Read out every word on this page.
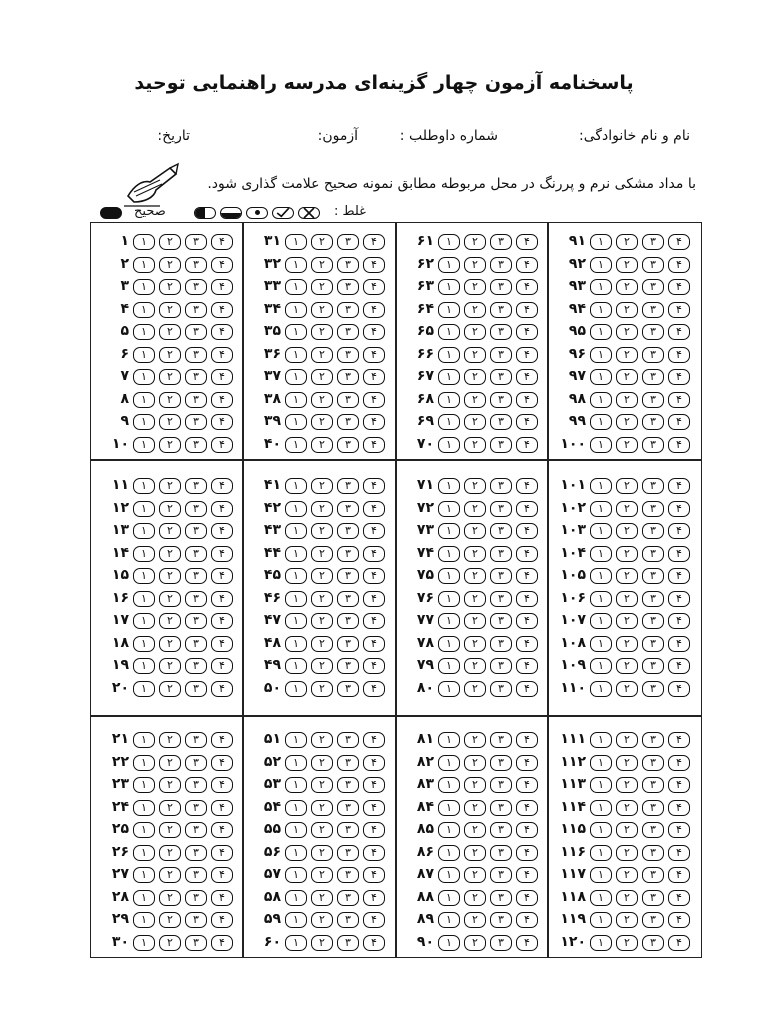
پاسخنامه آزمون چهار گزینه‌ای مدرسه راهنمایی توحید
نام و نام خانوادگی:
شماره داوطلب :
آزمون:
تاریخ:
با مداد مشکی نرم و پررنگ در محل مربوطه مطابق نمونه صحیح علامت گذاری شود.
صحیح	غلط :
۱	۱	۲	۳	۴
۲	۱	۲	۳	۴
۳	۱	۲	۳	۴
۴	۱	۲	۳	۴
۵	۱	۲	۳	۴
۶	۱	۲	۳	۴
۷	۱	۲	۳	۴
۸	۱	۲	۳	۴
۹	۱	۲	۳	۴
۱۰	۱	۲	۳	۴
۱۱	۱	۲	۳	۴
۱۲	۱	۲	۳	۴
۱۳	۱	۲	۳	۴
۱۴	۱	۲	۳	۴
۱۵	۱	۲	۳	۴
۱۶	۱	۲	۳	۴
۱۷	۱	۲	۳	۴
۱۸	۱	۲	۳	۴
۱۹	۱	۲	۳	۴
۲۰	۱	۲	۳	۴
۲۱	۱	۲	۳	۴
۲۲	۱	۲	۳	۴
۲۳	۱	۲	۳	۴
۲۴	۱	۲	۳	۴
۲۵	۱	۲	۳	۴
۲۶	۱	۲	۳	۴
۲۷	۱	۲	۳	۴
۲۸	۱	۲	۳	۴
۲۹	۱	۲	۳	۴
۳۰	۱	۲	۳	۴
۳۱	۱	۲	۳	۴
۳۲	۱	۲	۳	۴
۳۳	۱	۲	۳	۴
۳۴	۱	۲	۳	۴
۳۵	۱	۲	۳	۴
۳۶	۱	۲	۳	۴
۳۷	۱	۲	۳	۴
۳۸	۱	۲	۳	۴
۳۹	۱	۲	۳	۴
۴۰	۱	۲	۳	۴
۴۱	۱	۲	۳	۴
۴۲	۱	۲	۳	۴
۴۳	۱	۲	۳	۴
۴۴	۱	۲	۳	۴
۴۵	۱	۲	۳	۴
۴۶	۱	۲	۳	۴
۴۷	۱	۲	۳	۴
۴۸	۱	۲	۳	۴
۴۹	۱	۲	۳	۴
۵۰	۱	۲	۳	۴
۵۱	۱	۲	۳	۴
۵۲	۱	۲	۳	۴
۵۳	۱	۲	۳	۴
۵۴	۱	۲	۳	۴
۵۵	۱	۲	۳	۴
۵۶	۱	۲	۳	۴
۵۷	۱	۲	۳	۴
۵۸	۱	۲	۳	۴
۵۹	۱	۲	۳	۴
۶۰	۱	۲	۳	۴
۶۱	۱	۲	۳	۴
۶۲	۱	۲	۳	۴
۶۳	۱	۲	۳	۴
۶۴	۱	۲	۳	۴
۶۵	۱	۲	۳	۴
۶۶	۱	۲	۳	۴
۶۷	۱	۲	۳	۴
۶۸	۱	۲	۳	۴
۶۹	۱	۲	۳	۴
۷۰	۱	۲	۳	۴
۷۱	۱	۲	۳	۴
۷۲	۱	۲	۳	۴
۷۳	۱	۲	۳	۴
۷۴	۱	۲	۳	۴
۷۵	۱	۲	۳	۴
۷۶	۱	۲	۳	۴
۷۷	۱	۲	۳	۴
۷۸	۱	۲	۳	۴
۷۹	۱	۲	۳	۴
۸۰	۱	۲	۳	۴
۸۱	۱	۲	۳	۴
۸۲	۱	۲	۳	۴
۸۳	۱	۲	۳	۴
۸۴	۱	۲	۳	۴
۸۵	۱	۲	۳	۴
۸۶	۱	۲	۳	۴
۸۷	۱	۲	۳	۴
۸۸	۱	۲	۳	۴
۸۹	۱	۲	۳	۴
۹۰	۱	۲	۳	۴
۹۱	۱	۲	۳	۴
۹۲	۱	۲	۳	۴
۹۳	۱	۲	۳	۴
۹۴	۱	۲	۳	۴
۹۵	۱	۲	۳	۴
۹۶	۱	۲	۳	۴
۹۷	۱	۲	۳	۴
۹۸	۱	۲	۳	۴
۹۹	۱	۲	۳	۴
۱۰۰	۱	۲	۳	۴
۱۰۱	۱	۲	۳	۴
۱۰۲	۱	۲	۳	۴
۱۰۳	۱	۲	۳	۴
۱۰۴	۱	۲	۳	۴
۱۰۵	۱	۲	۳	۴
۱۰۶	۱	۲	۳	۴
۱۰۷	۱	۲	۳	۴
۱۰۸	۱	۲	۳	۴
۱۰۹	۱	۲	۳	۴
۱۱۰	۱	۲	۳	۴
۱۱۱	۱	۲	۳	۴
۱۱۲	۱	۲	۳	۴
۱۱۳	۱	۲	۳	۴
۱۱۴	۱	۲	۳	۴
۱۱۵	۱	۲	۳	۴
۱۱۶	۱	۲	۳	۴
۱۱۷	۱	۲	۳	۴
۱۱۸	۱	۲	۳	۴
۱۱۹	۱	۲	۳	۴
۱۲۰	۱	۲	۳	۴
